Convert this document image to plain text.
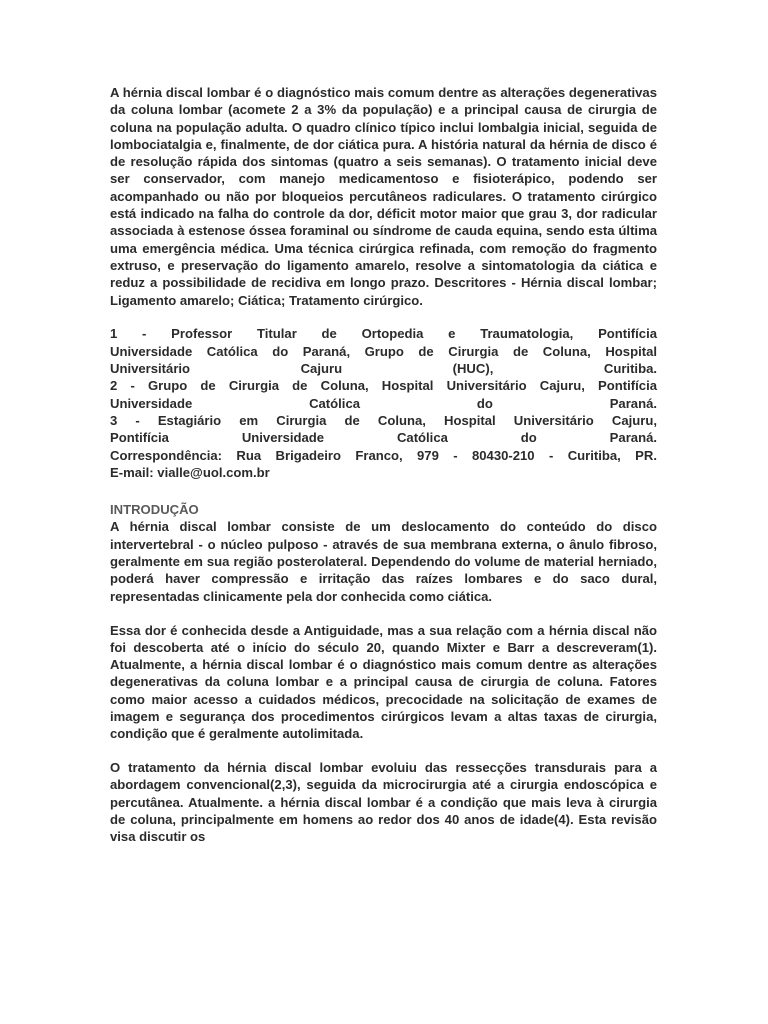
A hérnia discal lombar é o diagnóstico mais comum dentre as alterações degenerativas da coluna lombar (acomete 2 a 3% da população) e a principal causa de cirurgia de coluna na população adulta. O quadro clínico típico inclui lombalgia inicial, seguida de lombociatalgia e, finalmente, de dor ciática pura. A história natural da hérnia de disco é de resolução rápida dos sintomas (quatro a seis semanas). O tratamento inicial deve ser conservador, com manejo medicamentoso e fisioterápico, podendo ser acompanhado ou não por bloqueios percutâneos radiculares. O tratamento cirúrgico está indicado na falha do controle da dor, déficit motor maior que grau 3, dor radicular associada à estenose óssea foraminal ou síndrome de cauda equina, sendo esta última uma emergência médica. Uma técnica cirúrgica refinada, com remoção do fragmento extruso, e preservação do ligamento amarelo, resolve a sintomatologia da ciática e reduz a possibilidade de recidiva em longo prazo. Descritores - Hérnia discal lombar; Ligamento amarelo; Ciática; Tratamento cirúrgico.

1 - Professor Titular de Ortopedia e Traumatologia, Pontifícia
Universidade Católica do Paraná, Grupo de Cirurgia de Coluna, Hospital
Universitário Cajuru (HUC), Curitiba.
2 - Grupo de Cirurgia de Coluna, Hospital Universitário Cajuru, Pontifícia
Universidade Católica do Paraná.
3 - Estagiário em Cirurgia de Coluna, Hospital Universitário Cajuru,
Pontifícia Universidade Católica do Paraná.
Correspondência: Rua Brigadeiro Franco, 979 - 80430-210 - Curitiba, PR.
E-mail: vialle@uol.com.br
INTRODUÇÃO

A hérnia discal lombar consiste de um deslocamento do conteúdo do disco intervertebral - o núcleo pulposo - através de sua membrana externa, o ânulo fibroso, geralmente em sua região posterolateral. Dependendo do volume de material herniado, poderá haver compressão e irritação das raízes lombares e do saco dural, representadas clinicamente pela dor conhecida como ciática.

Essa dor é conhecida desde a Antiguidade, mas a sua relação com a hérnia discal não foi descoberta até o início do século 20, quando Mixter e Barr a descreveram(1). Atualmente, a hérnia discal lombar é o diagnóstico mais comum dentre as alterações degenerativas da coluna lombar e a principal causa de cirurgia de coluna. Fatores como maior acesso a cuidados médicos, precocidade na solicitação de exames de imagem e segurança dos procedimentos cirúrgicos levam a altas taxas de cirurgia, condição que é geralmente autolimitada.

O tratamento da hérnia discal lombar evoluiu das ressecções transdurais para a abordagem convencional(2,3), seguida da microcirurgia até a cirurgia endoscópica e percutânea. Atualmente. a hérnia discal lombar é a condição que mais leva à cirurgia de coluna, principalmente em homens ao redor dos 40 anos de idade(4). Esta revisão visa discutir os
